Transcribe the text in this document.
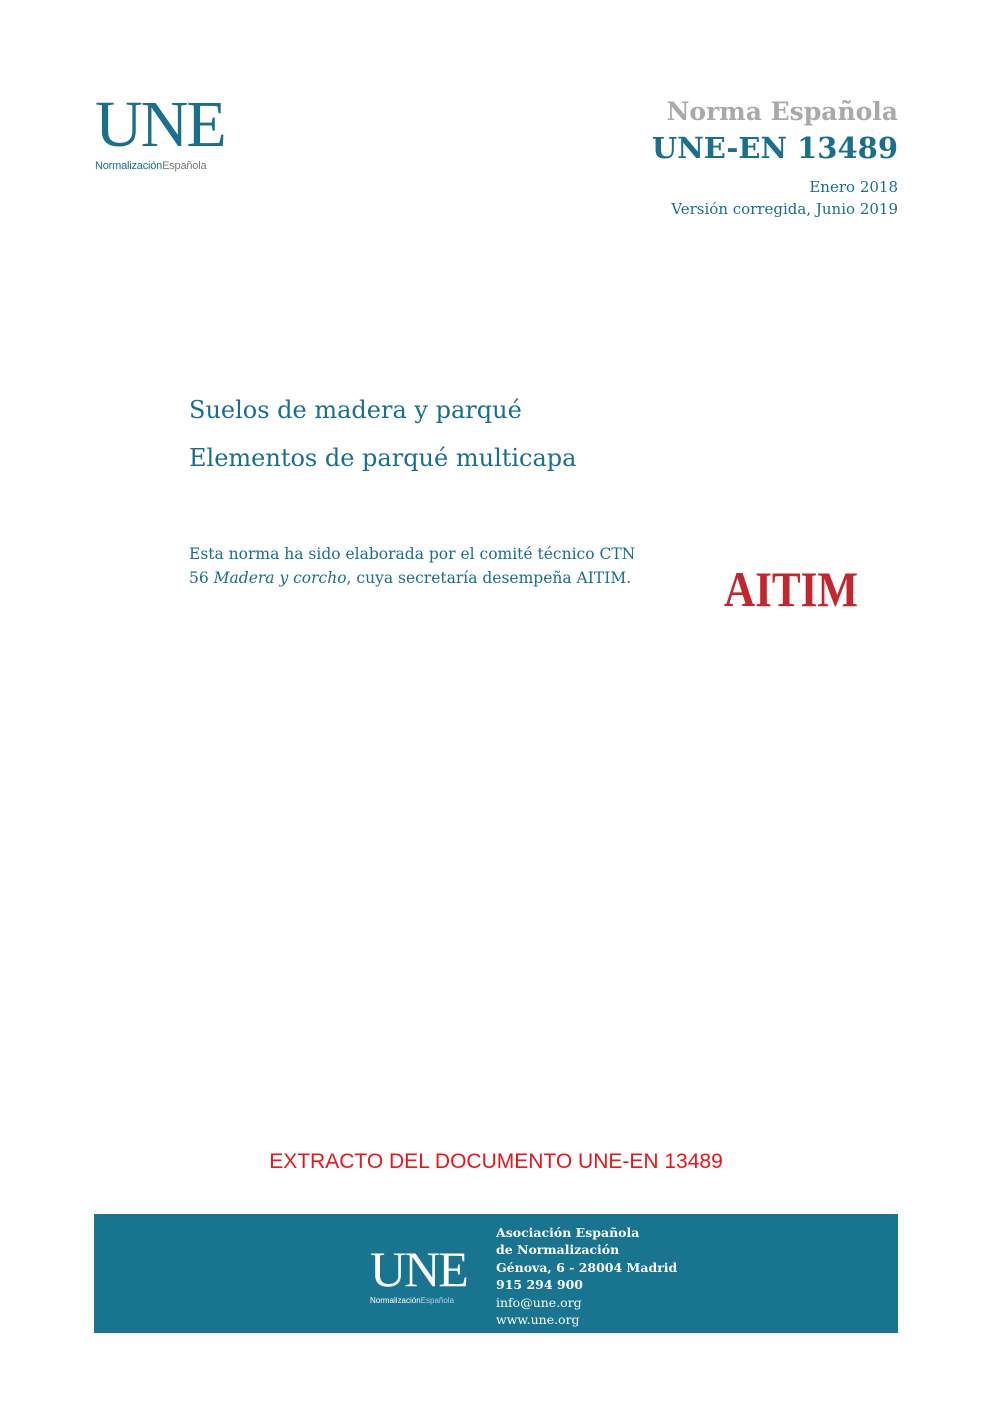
UNE
NormalizaciónEspañola
Norma Española
UNE-EN 13489
Enero 2018
Versión corregida, Junio 2019
Suelos de madera y parqué
Elementos de parqué multicapa
Esta norma ha sido elaborada por el comité técnico CTN 56 Madera y corcho, cuya secretaría desempeña AITIM.	AITIM
EXTRACTO DEL DOCUMENTO UNE-EN 13489
UNE
NormalizaciónEspañola
Asociación Española
de Normalización
Génova, 6 - 28004 Madrid
915 294 900
info@une.org
www.une.org
